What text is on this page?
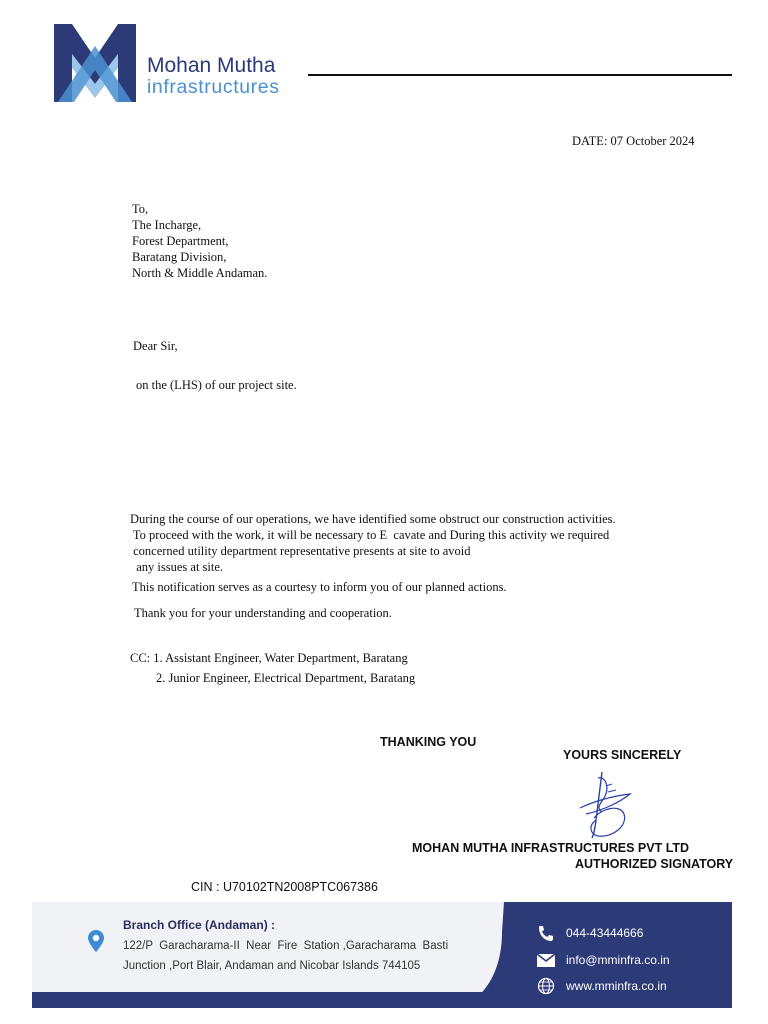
Mohan Mutha
infrastructures
DATE: 07 October 2024
To,
The Incharge,
Forest Department,
Baratang Division,
North & Middle Andaman.
Dear Sir,
on the (LHS) of our project site.
During the course of our operations, we have identified some obstruct our construction activities.
To proceed with the work, it will be necessary to E  cavate and During this activity we required
concerned utility department representative presents at site to avoid
any issues at site.
This notification serves as a courtesy to inform you of our planned actions.
Thank you for your understanding and cooperation.
CC: 1. Assistant Engineer, Water Department, Baratang
2. Junior Engineer, Electrical Department, Baratang
THANKING YOU
YOURS SINCERELY
MOHAN MUTHA INFRASTRUCTURES PVT LTD
AUTHORIZED SIGNATORY
CIN : U70102TN2008PTC067386
Branch Office (Andaman) :
122/P  Garacharama-II  Near  Fire  Station ,Garacharama  Basti
Junction ,Port Blair, Andaman and Nicobar Islands 744105
044-43444666
info@mminfra.co.in
www.mminfra.co.in
